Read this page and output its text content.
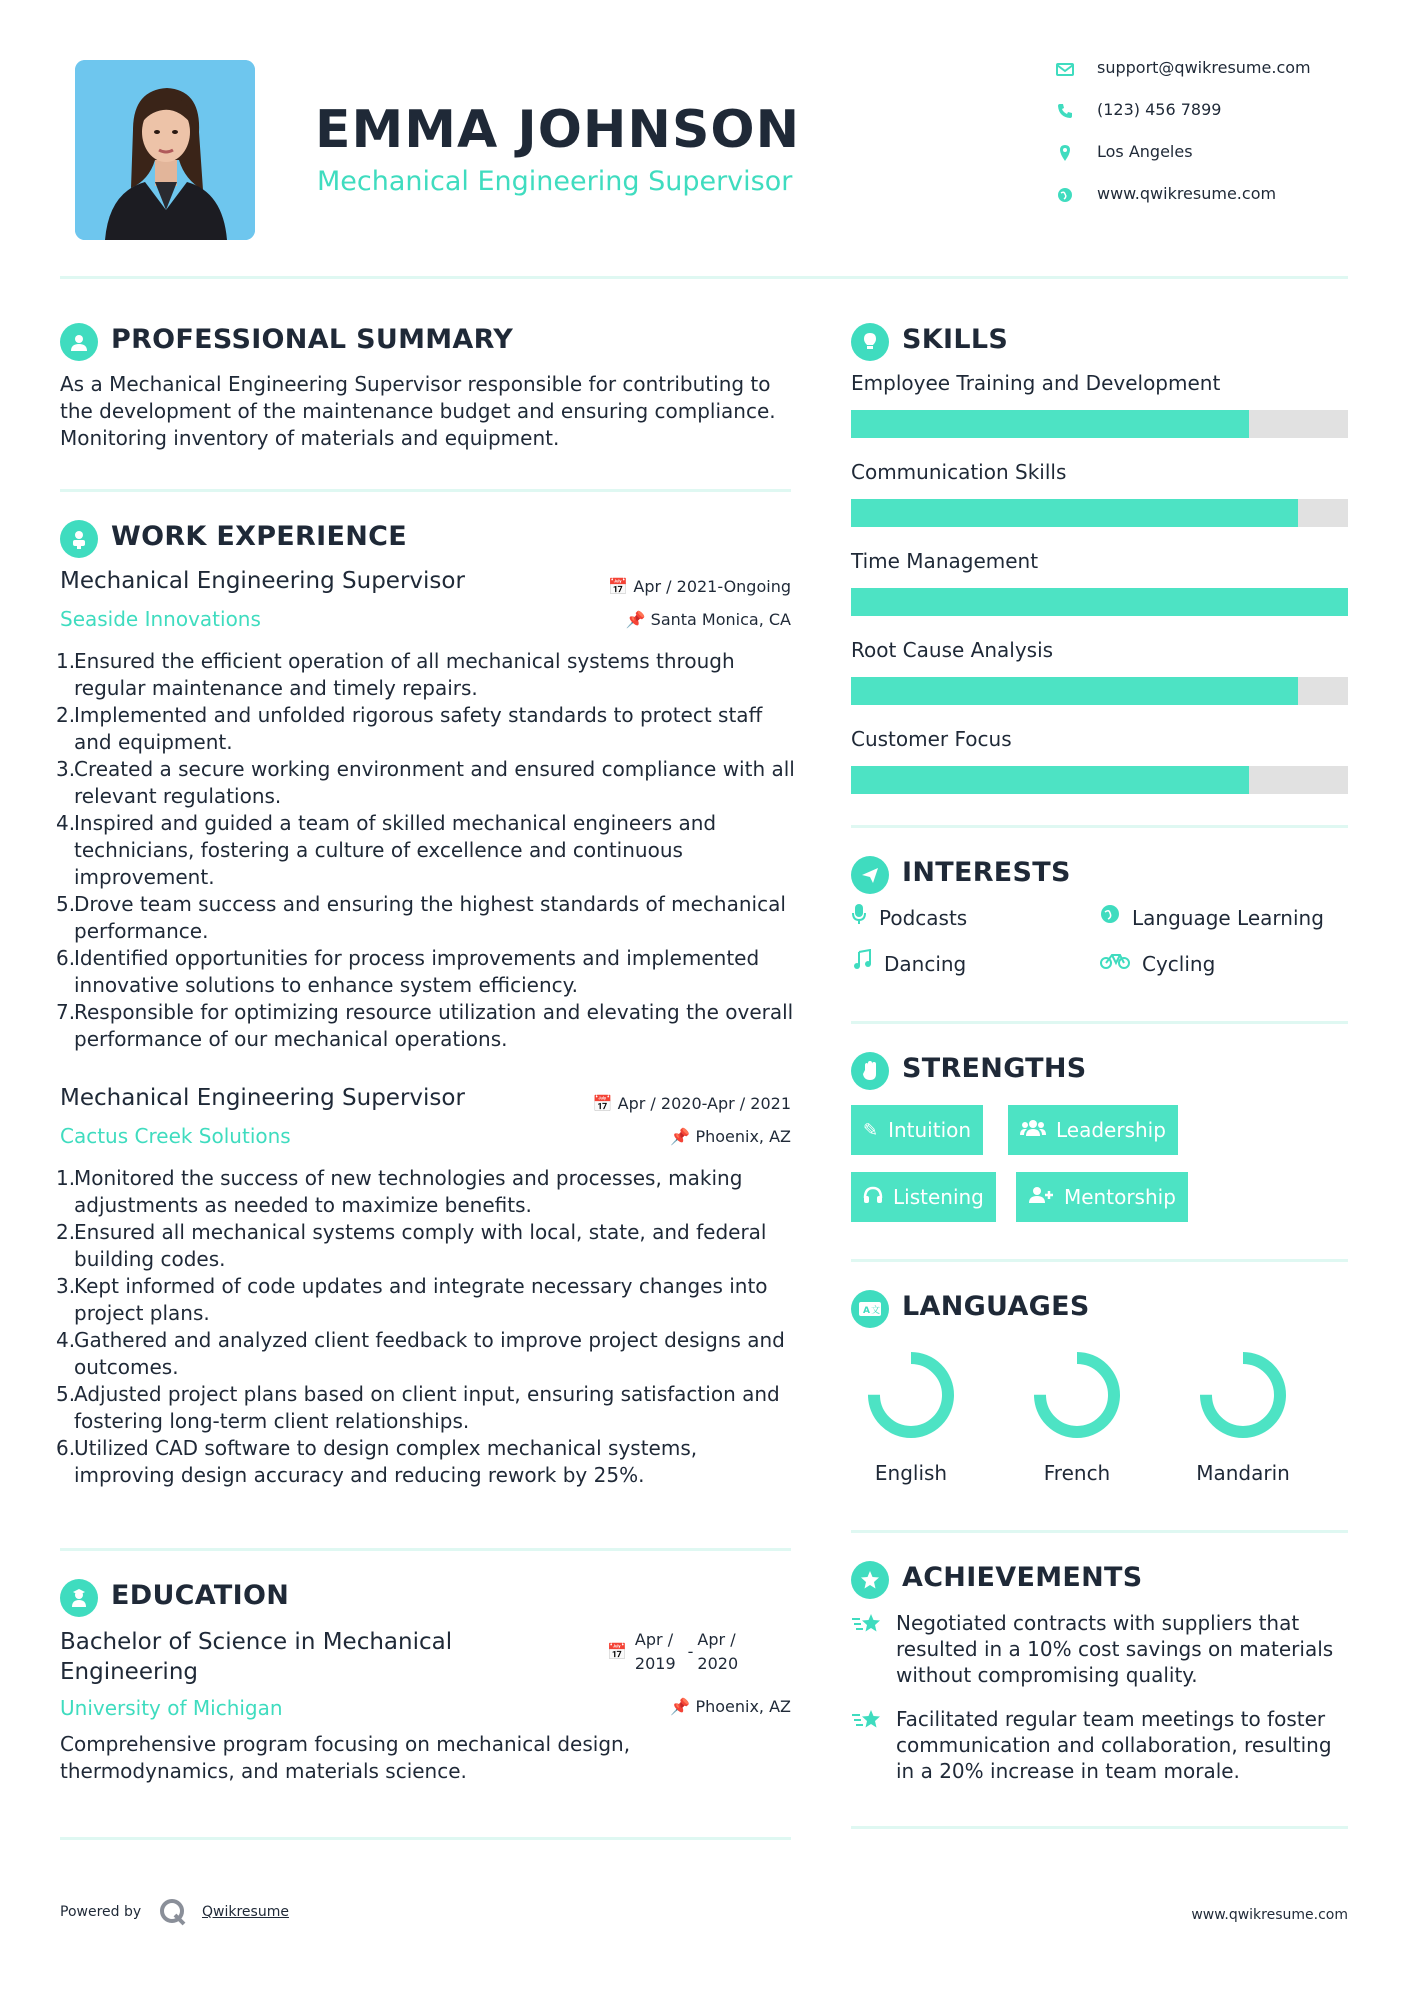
EMMA JOHNSON
Mechanical Engineering Supervisor
support@qwikresume.com
(123) 456 7899
Los Angeles
www.qwikresume.com
PROFESSIONAL SUMMARY
As a Mechanical Engineering Supervisor responsible for contributing to the development of the maintenance budget and ensuring compliance. Monitoring inventory of materials and equipment.
WORK EXPERIENCE
Mechanical Engineering Supervisor	📅 Apr / 2021-Ongoing
Seaside Innovations	📌 Santa Monica, CA
1.
Ensured the efficient operation of all mechanical systems through regular maintenance and timely repairs.
2.
Implemented and unfolded rigorous safety standards to protect staff and equipment.
3.
Created a secure working environment and ensured compliance with all relevant regulations.
4.
Inspired and guided a team of skilled mechanical engineers and technicians, fostering a culture of excellence and continuous improvement.
5.
Drove team success and ensuring the highest standards of mechanical performance.
6.
Identified opportunities for process improvements and implemented innovative solutions to enhance system efficiency.
7.
Responsible for optimizing resource utilization and elevating the overall performance of our mechanical operations.
Mechanical Engineering Supervisor	📅 Apr / 2020-Apr / 2021
Cactus Creek Solutions	📌 Phoenix, AZ
1.
Monitored the success of new technologies and processes, making adjustments as needed to maximize benefits.
2.
Ensured all mechanical systems comply with local, state, and federal building codes.
3.
Kept informed of code updates and integrate necessary changes into project plans.
4.
Gathered and analyzed client feedback to improve project designs and outcomes.
5.
Adjusted project plans based on client input, ensuring satisfaction and fostering long-term client relationships.
6.
Utilized CAD software to design complex mechanical systems, improving design accuracy and reducing rework by 25%.
EDUCATION
Bachelor of Science in Mechanical
Engineering
📅
Apr /
2019
-
Apr /
2020
University of Michigan	📌 Phoenix, AZ
Comprehensive program focusing on mechanical design, thermodynamics, and materials science.
SKILLS
Employee Training and Development
Communication Skills
Time Management
Root Cause Analysis
Customer Focus
INTERESTS
Podcasts	Language Learning
Dancing	Cycling
STRENGTHS
✎ Intuition	Leadership
Listening	Mentorship
A 文 LANGUAGES
English	French	Mandarin
ACHIEVEMENTS
Negotiated contracts with suppliers that resulted in a 10% cost savings on materials without compromising quality.
Facilitated regular team meetings to foster communication and collaboration, resulting in a 20% increase in team morale.
Powered by	Qwikresume	www.qwikresume.com
